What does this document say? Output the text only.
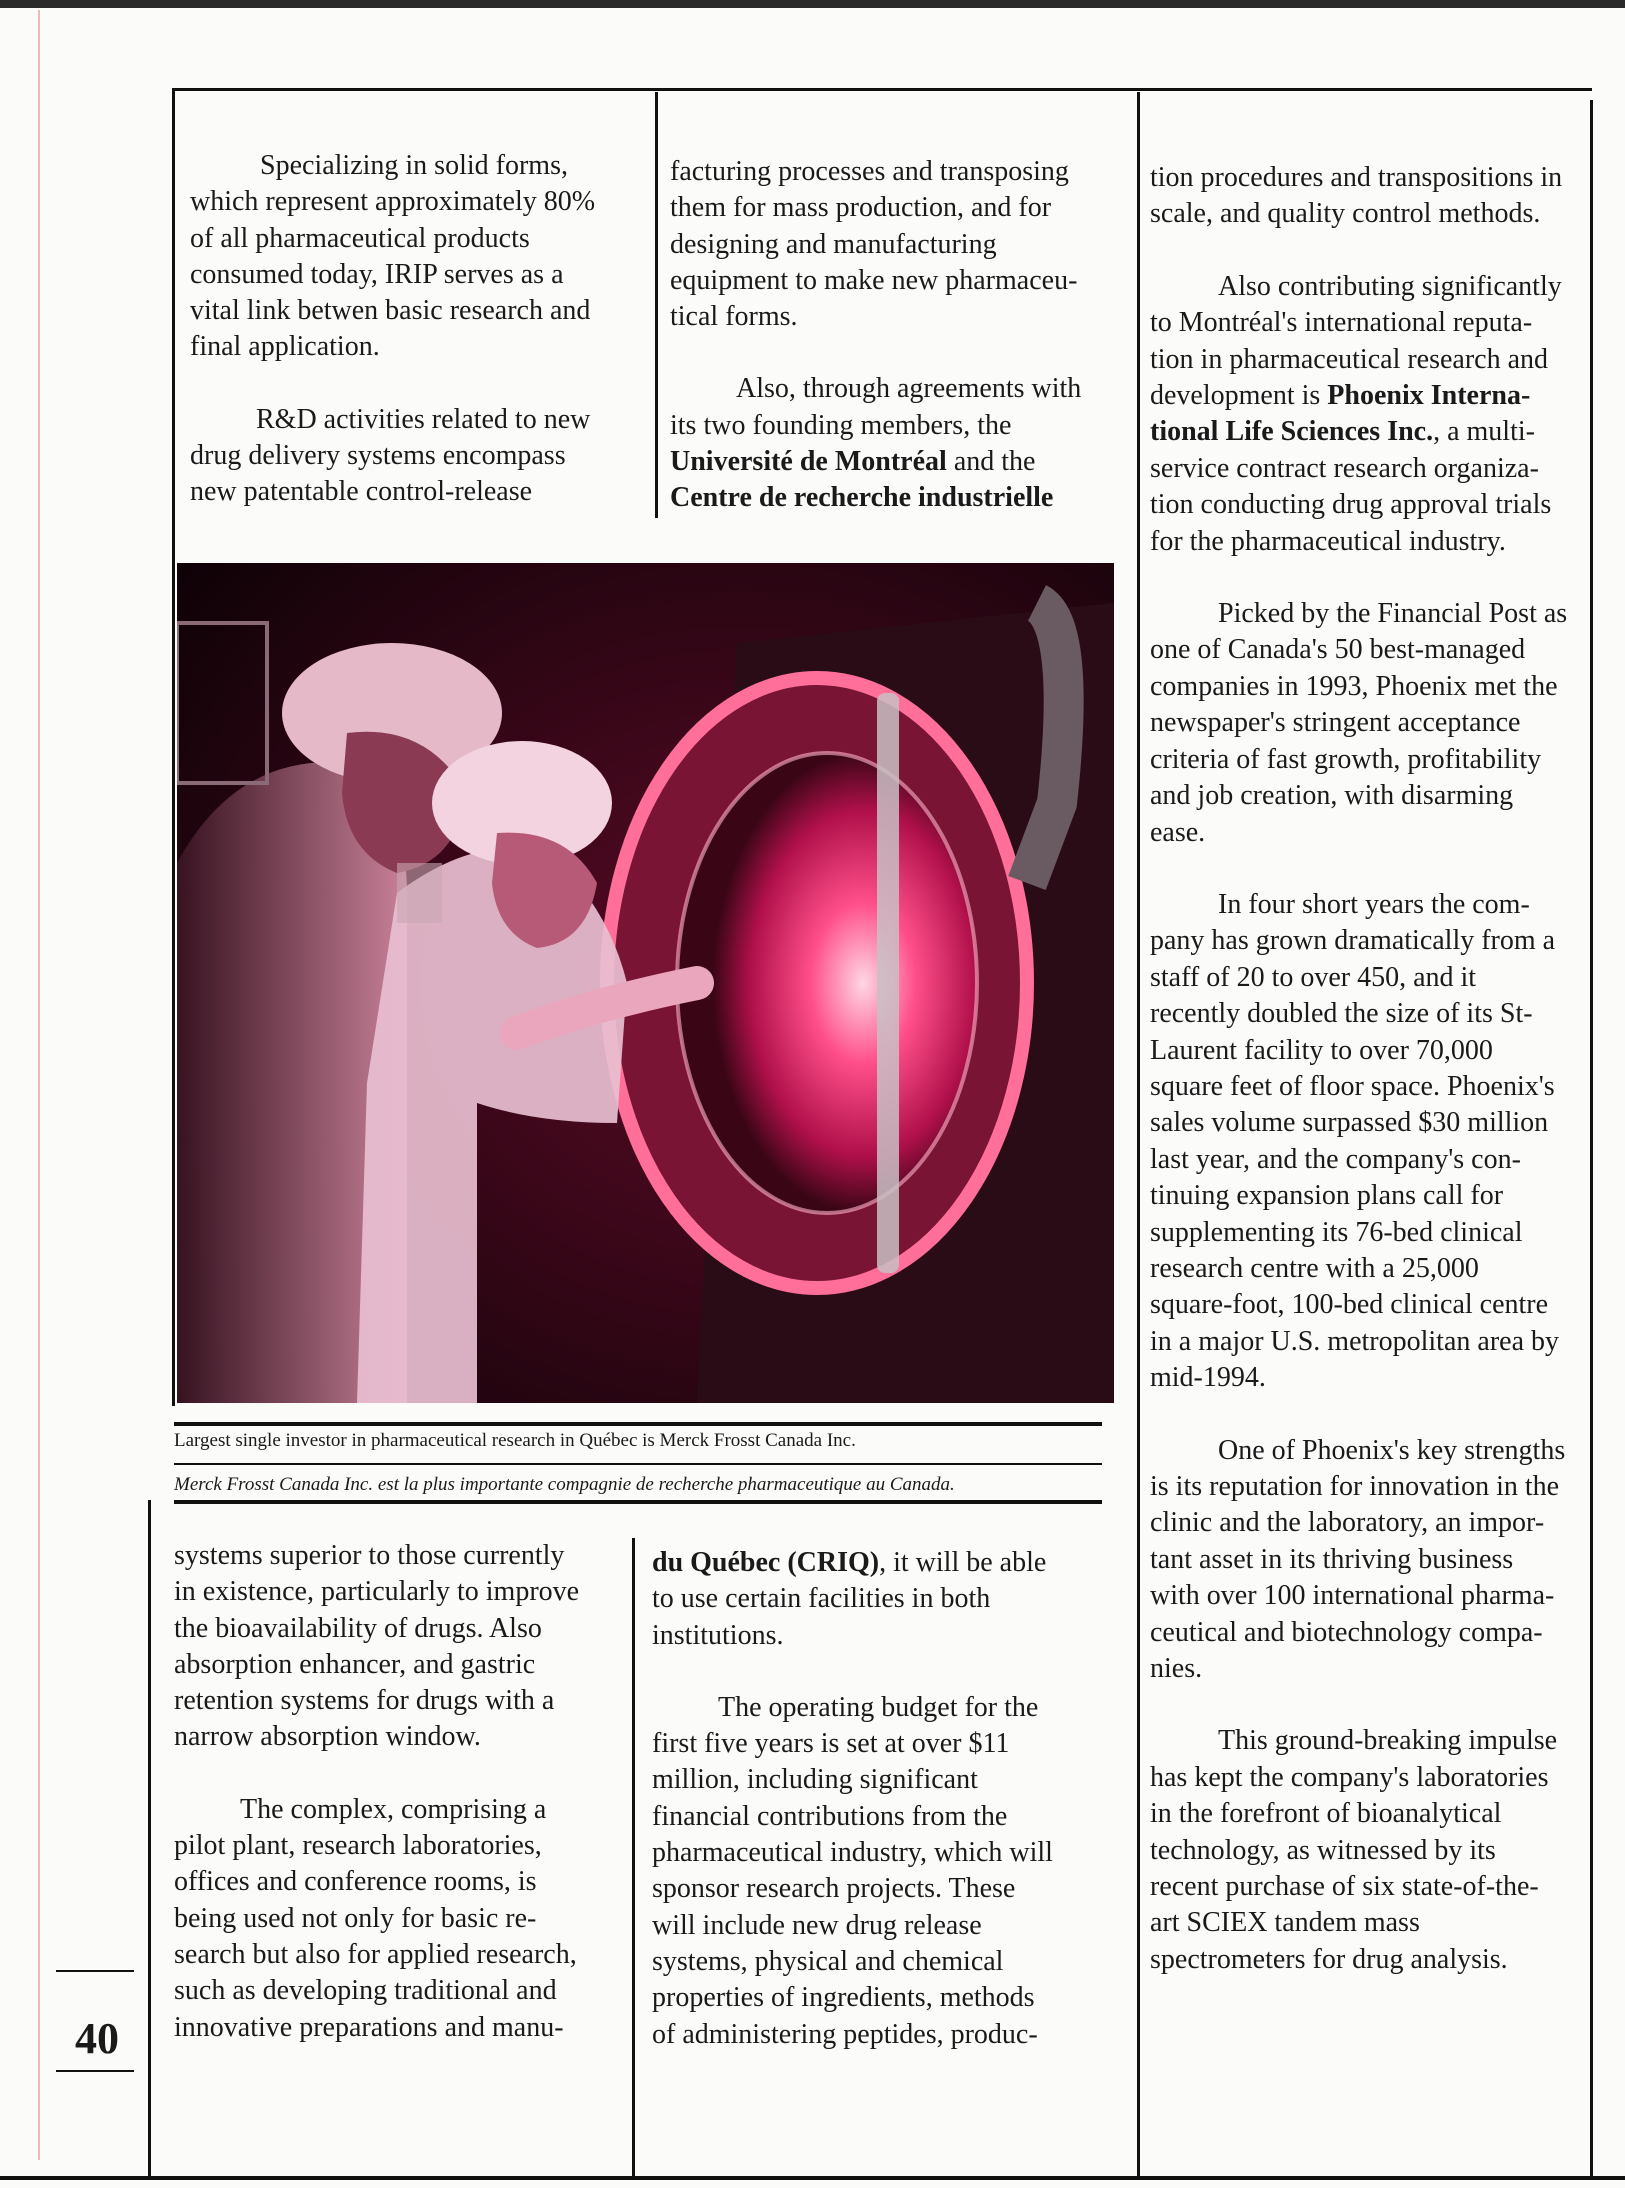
Specializing in solid forms,
which represent approximately 80%
of all pharmaceutical products
consumed today, IRIP serves as a
vital link betwen basic research and
final application.
R&D activities related to new
drug delivery systems encompass
new patentable control-release
facturing processes and transposing
them for mass production, and for
designing and manufacturing
equipment to make new pharmaceu-
tical forms.
Also, through agreements with
its two founding members, the
Université de Montréal and the
Centre de recherche industrielle
tion procedures and transpositions in
scale, and quality control methods.
Also contributing significantly
to Montréal's international reputa-
tion in pharmaceutical research and
development is Phoenix Interna-
tional Life Sciences Inc., a multi-
service contract research organiza-
tion conducting drug approval trials
for the pharmaceutical industry.
Picked by the Financial Post as
one of Canada's 50 best-managed
companies in 1993, Phoenix met the
newspaper's stringent acceptance
criteria of fast growth, profitability
and job creation, with disarming
ease.
In four short years the com-
pany has grown dramatically from a
staff of 20 to over 450, and it
recently doubled the size of its St-
Laurent facility to over 70,000
square feet of floor space. Phoenix's
sales volume surpassed $30 million
last year, and the company's con-
tinuing expansion plans call for
supplementing its 76-bed clinical
research centre with a 25,000
square-foot, 100-bed clinical centre
in a major U.S. metropolitan area by
mid-1994.
One of Phoenix's key strengths
is its reputation for innovation in the
clinic and the laboratory, an impor-
tant asset in its thriving business
with over 100 international pharma-
ceutical and biotechnology compa-
nies.
This ground-breaking impulse
has kept the company's laboratories
in the forefront of bioanalytical
technology, as witnessed by its
recent purchase of six state-of-the-
art SCIEX tandem mass
spectrometers for drug analysis.
Largest single investor in pharmaceutical research in Québec is Merck Frosst Canada Inc.
Merck Frosst Canada Inc. est la plus importante compagnie de recherche pharmaceutique au Canada.
systems superior to those currently
in existence, particularly to improve
the bioavailability of drugs. Also
absorption enhancer, and gastric
retention systems for drugs with a
narrow absorption window.
The complex, comprising a
pilot plant, research laboratories,
offices and conference rooms, is
being used not only for basic re-
search but also for applied research,
such as developing traditional and
innovative preparations and manu-
du Québec (CRIQ), it will be able
to use certain facilities in both
institutions.
The operating budget for the
first five years is set at over $11
million, including significant
financial contributions from the
pharmaceutical industry, which will
sponsor research projects. These
will include new drug release
systems, physical and chemical
properties of ingredients, methods
of administering peptides, produc-
40
